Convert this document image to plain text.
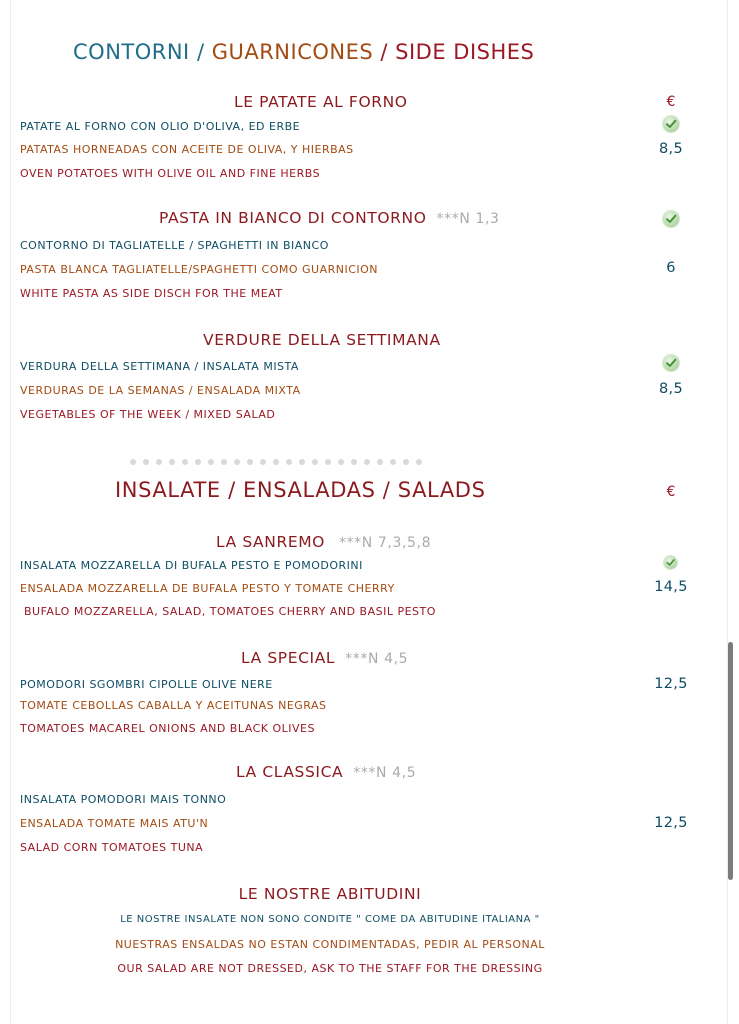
CONTORNI / GUARNICONES / SIDE DISHES
LE PATATE AL FORNO	€
PATATE AL FORNO CON OLIO D'OLIVA, ED ERBE
PATATAS HORNEADAS CON ACEITE DE OLIVA, Y HIERBAS	8,5
OVEN POTATOES WITH OLIVE OIL AND FINE HERBS
PASTA IN BIANCO DI CONTORNO ***N 1,3
CONTORNO DI TAGLIATELLE / SPAGHETTI IN BIANCO
PASTA BLANCA TAGLIATELLE/SPAGHETTI COMO GUARNICION	6
WHITE PASTA AS SIDE DISCH FOR THE MEAT
VERDURE DELLA SETTIMANA
VERDURA DELLA SETTIMANA / INSALATA MISTA
VERDURAS DE LA SEMANAS / ENSALADA MIXTA	8,5
VEGETABLES OF THE WEEK / MIXED SALAD
INSALATE / ENSALADAS / SALADS	€
LA SANREMO ***N 7,3,5,8
INSALATA MOZZARELLA DI BUFALA PESTO E POMODORINI
ENSALADA MOZZARELLA DE BUFALA PESTO Y TOMATE CHERRY	14,5
BUFALO MOZZARELLA, SALAD, TOMATOES CHERRY AND BASIL PESTO
LA SPECIAL ***N 4,5
POMODORI SGOMBRI CIPOLLE OLIVE NERE	12,5
TOMATE CEBOLLAS CABALLA Y ACEITUNAS NEGRAS
TOMATOES MACAREL ONIONS AND BLACK OLIVES
LA CLASSICA ***N 4,5
INSALATA POMODORI MAIS TONNO
ENSALADA TOMATE MAIS ATU'N	12,5
SALAD CORN TOMATOES TUNA
LE NOSTRE ABITUDINI
LE NOSTRE INSALATE NON SONO CONDITE " COME DA ABITUDINE ITALIANA "
NUESTRAS ENSALDAS NO ESTAN CONDIMENTADAS, PEDIR AL PERSONAL
OUR SALAD ARE NOT DRESSED, ASK TO THE STAFF FOR THE DRESSING
